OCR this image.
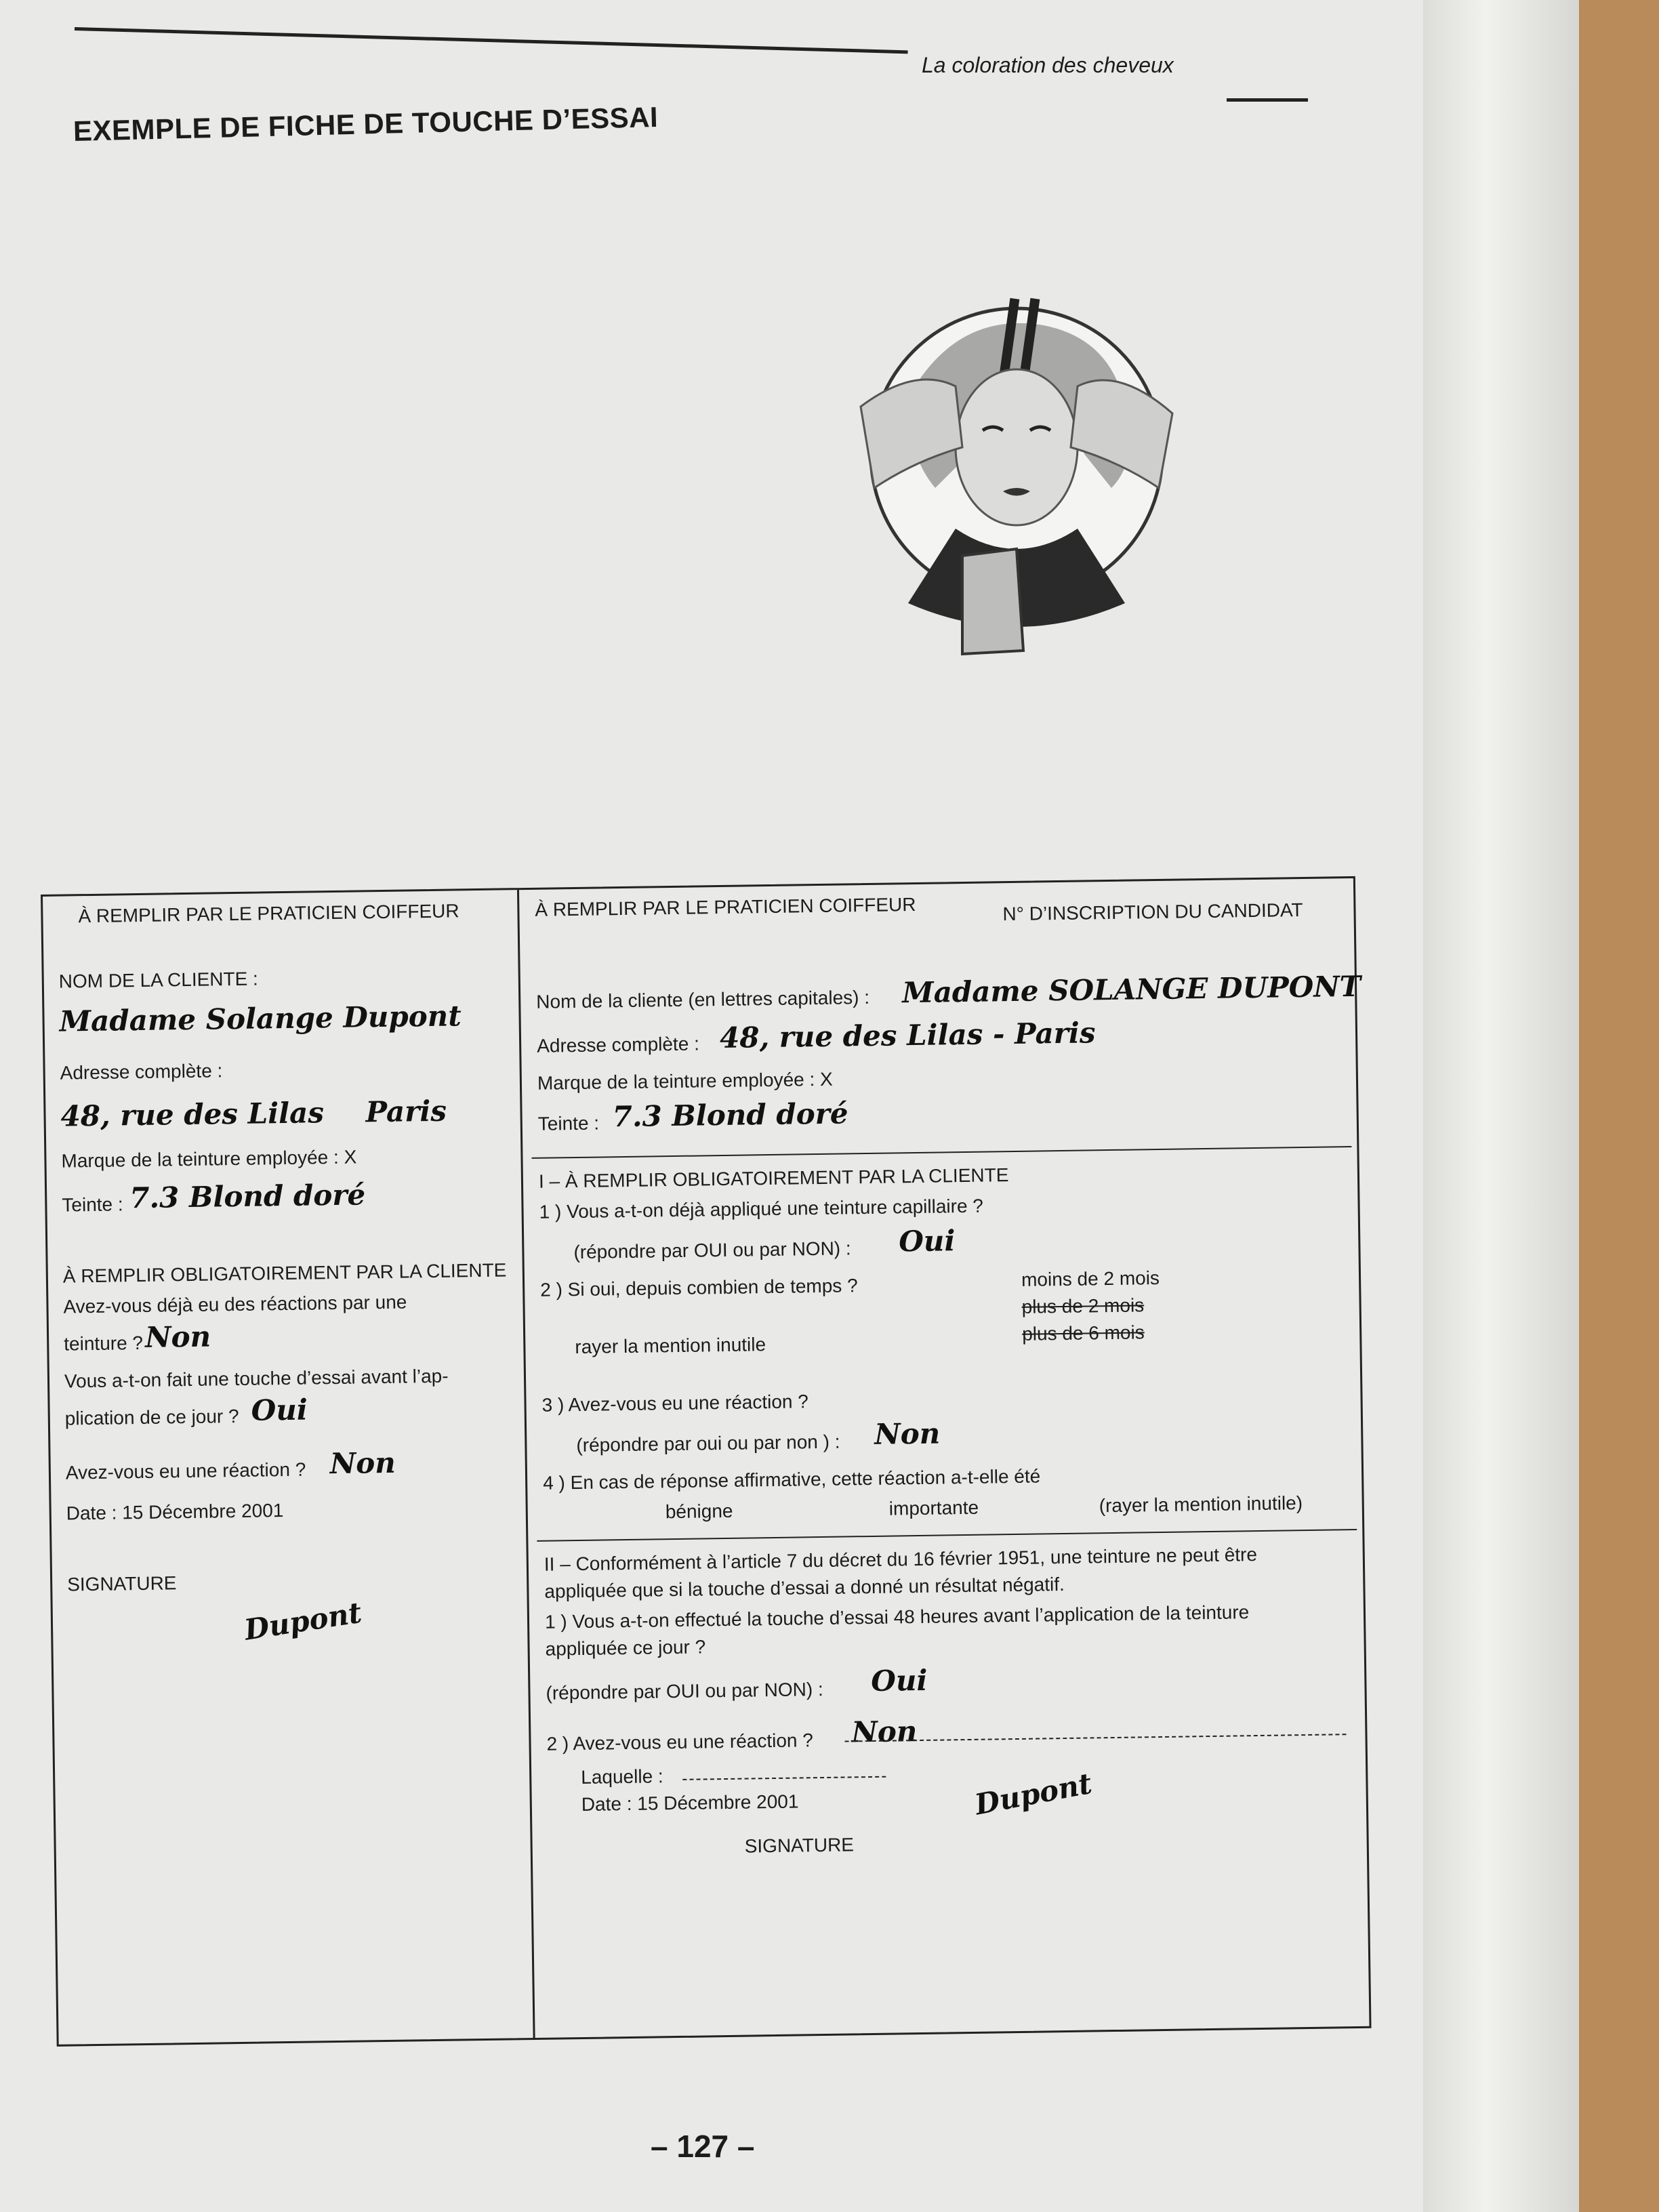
La coloration des cheveux
EXEMPLE DE FICHE DE TOUCHE D’ESSAI
À REMPLIR PAR LE PRATICIEN COIFFEUR
NOM DE LA CLIENTE :
Madame Solange Dupont
Adresse complète :
48, rue des Lilas Paris
Marque de la teinture employée : X
Teinte : 7.3 Blond doré
À REMPLIR OBLIGATOIREMENT PAR LA CLIENTE
Avez-vous déjà eu des réactions par une
teinture ? Non
Vous a-t-on fait une touche d’essai avant l’ap-
plication de ce jour ? Oui
Avez-vous eu une réaction ? Non
Date : 15 Décembre 2001
SIGNATURE
Dupont
À REMPLIR PAR LE PRATICIEN COIFFEUR	N° D’INSCRIPTION DU CANDIDAT
Nom de la cliente (en lettres capitales) : Madame SOLANGE DUPONT
Adresse complète : 48, rue des Lilas - Paris
Marque de la teinture employée : X
Teinte : 7.3 Blond doré
I – À REMPLIR OBLIGATOIREMENT PAR LA CLIENTE
1 ) Vous a-t-on déjà appliqué une teinture capillaire ?
(répondre par OUI ou par NON) : Oui
2 ) Si oui, depuis combien de temps ?	moins de 2 mois
plus de 2 mois
plus de 6 mois
rayer la mention inutile
3 ) Avez-vous eu une réaction ?
(répondre par oui ou par non ) : Non
4 ) En cas de réponse affirmative, cette réaction a-t-elle été
bénigne	importante	(rayer la mention inutile)
II – Conformément à l’article 7 du décret du 16 février 1951, une teinture ne peut être
appliquée que si la touche d’essai a donné un résultat négatif.
1 ) Vous a-t-on effectué la touche d’essai 48 heures avant l’application de la teinture
appliquée ce jour ?
(répondre par OUI ou par NON) : Oui
2 ) Avez-vous eu une réaction ? Non
Laquelle :
Date : 15 Décembre 2001	Dupont
SIGNATURE
– 127 –
